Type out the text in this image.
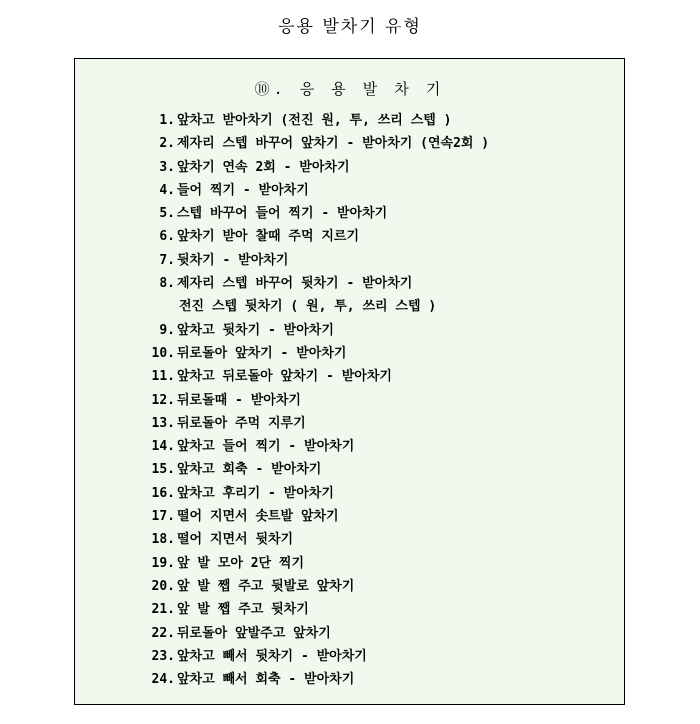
응용 발차기 유형
⑩. 응 용 발 차 기
1. 앞차고 받아차기 (전진 원, 투, 쓰리 스텝 )
2. 제자리 스텝 바꾸어 앞차기 - 받아차기 (연속2회 )
3. 앞차기 연속 2회 - 받아차기
4. 들어 찍기 - 받아차기
5. 스텝 바꾸어 들어 찍기 - 받아차기
6. 앞차기 받아 찰때 주먹 지르기
7. 뒷차기 - 받아차기
8. 제자리 스텝 바꾸어 뒷차기 - 받아차기
전진 스텝 뒷차기 ( 원, 투, 쓰리 스텝 )
9. 앞차고 뒷차기 - 받아차기
10. 뒤로돌아 앞차기 - 받아차기
11. 앞차고 뒤로돌아 앞차기 - 받아차기
12. 뒤로돌때 - 받아차기
13. 뒤로돌아 주먹 지루기
14. 앞차고 들어 찍기 - 받아차기
15. 앞차고 회축 - 받아차기
16. 앞차고 후리기 - 받아차기
17. 떨어 지면서 솟트발 앞차기
18. 떨어 지면서 뒷차기
19. 앞 발 모아 2단 찍기
20. 앞 발 쨉 주고 뒷발로 앞차기
21. 앞 발 쨉 주고 뒷차기
22. 뒤로돌아 앞발주고 앞차기
23. 앞차고 빼서 뒷차기 - 받아차기
24. 앞차고 빼서 회축 - 받아차기
